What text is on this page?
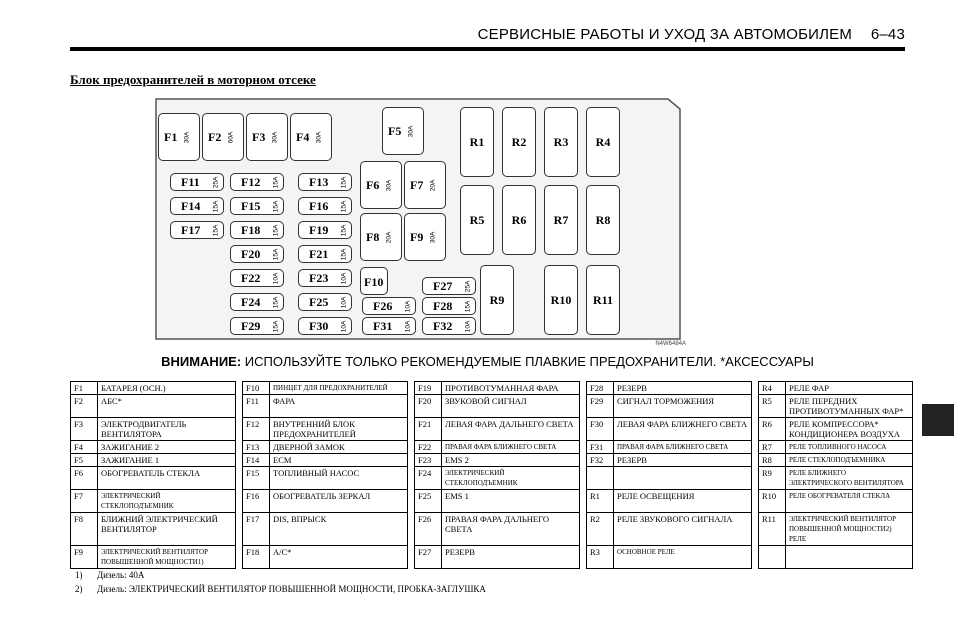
СЕРВИСНЫЕ РАБОТЫ И УХОД ЗА АВТОМОБИЛЕМ 6–43
Блок предохранителей в моторном отсеке
N4W6484A
F1 30A F2 60A F3 30A F4 30A	F5 30A
F6 30A F7 20A
F8 20A F9 30A
F10
F11 25A F12 15A F13 15A
F14 15A F15 15A F16 15A
F17 15A F18 15A F19 15A
F20 15A F21 15A
F22 10A F23 10A
F24 15A F25 10A F26 10A
F27 25A
F28 15A
F29 15A F30 10A F31 10A F32 10A
R1	R2	R3	R4
R5	R6	R7	R8
R9	R10	R11
ВНИМАНИЕ: ИСПОЛЬЗУЙТЕ ТОЛЬКО РЕКОМЕНДУЕМЫЕ ПЛАВКИЕ ПРЕДОХРАНИТЕЛИ. *АКСЕССУАРЫ
F1	БАТАРЕЯ (ОСН.)		F10	ПИНЦЕТ ДЛЯ ПРЕДОХРАНИТЕЛЕЙ		F19	ПРОТИВОТУМАННАЯ ФАРА		F28	РЕЗЕРВ		R4	РЕЛЕ ФАР
F2	АБС*		F11	ФАРА		F20	ЗВУКОВОЙ СИГНАЛ		F29	СИГНАЛ ТОРМОЖЕНИЯ		R5	РЕЛЕ ПЕРЕДНИХ ПРОТИВОТУМАННЫХ ФАР*
F3	ЭЛЕКТРОДВИГАТЕЛЬ ВЕНТИЛЯТОРА		F12	ВНУТРЕННИЙ БЛОК ПРЕДОХРАНИТЕЛЕЙ		F21	ЛЕВАЯ ФАРА ДАЛЬНЕГО СВЕТА		F30	ЛЕВАЯ ФАРА БЛИЖНЕГО СВЕТА		R6	РЕЛЕ КОМПРЕССОРА* КОНДИЦИОНЕРА ВОЗДУХА
F4	ЗАЖИГАНИЕ 2		F13	ДВЕРНОЙ ЗАМОК		F22	ПРАВАЯ ФАРА БЛИЖНЕГО СВЕТА		F31	ПРАВАЯ ФАРА БЛИЖНЕГО СВЕТА		R7	РЕЛЕ ТОПЛИВНОГО НАСОСА
F5	ЗАЖИГАНИЕ 1		F14	ECM		F23	EMS 2		F32	РЕЗЕРВ		R8	РЕЛЕ СТЕКЛОПОДЪЕМНИКА
F6	ОБОГРЕВАТЕЛЬ СТЕКЛА		F15	ТОПЛИВНЫЙ НАСОС		F24	ЭЛЕКТРИЧЕСКИЙ СТЕКЛОПОДЪЕМНИК					R9	РЕЛЕ БЛИЖНЕГО ЭЛЕКТРИЧЕСКОГО ВЕНТИЛЯТОРА
F7	ЭЛЕКТРИЧЕСКИЙ СТЕКЛОПОДЪЕМНИК		F16	ОБОГРЕВАТЕЛЬ ЗЕРКАЛ		F25	EMS 1		R1	РЕЛЕ ОСВЕЩЕНИЯ		R10	РЕЛЕ ОБОГРЕВАТЕЛЯ СТЕКЛА
F8	БЛИЖНИЙ ЭЛЕКТРИЧЕСКИЙ ВЕНТИЛЯТОР		F17	DIS, ВПРЫСК		F26	ПРАВАЯ ФАРА ДАЛЬНЕГО СВЕТА		R2	РЕЛЕ ЗВУКОВОГО СИГНАЛА		R11	ЭЛЕКТРИЧЕСКИЙ ВЕНТИЛЯТОР ПОВЫШЕННОЙ МОЩНОСТИ2) РЕЛЕ
F9	ЭЛЕКТРИЧЕСКИЙ ВЕНТИЛЯТОР ПОВЫШЕННОЙ МОЩНОСТИ1)		F18	A/C*		F27	РЕЗЕРВ		R3	ОСНОВНОЕ РЕЛЕ			
1) Дизель: 40A
2) Дизель: ЭЛЕКТРИЧЕСКИЙ ВЕНТИЛЯТОР ПОВЫШЕННОЙ МОЩНОСТИ, ПРОБКА-ЗАГЛУШКА
